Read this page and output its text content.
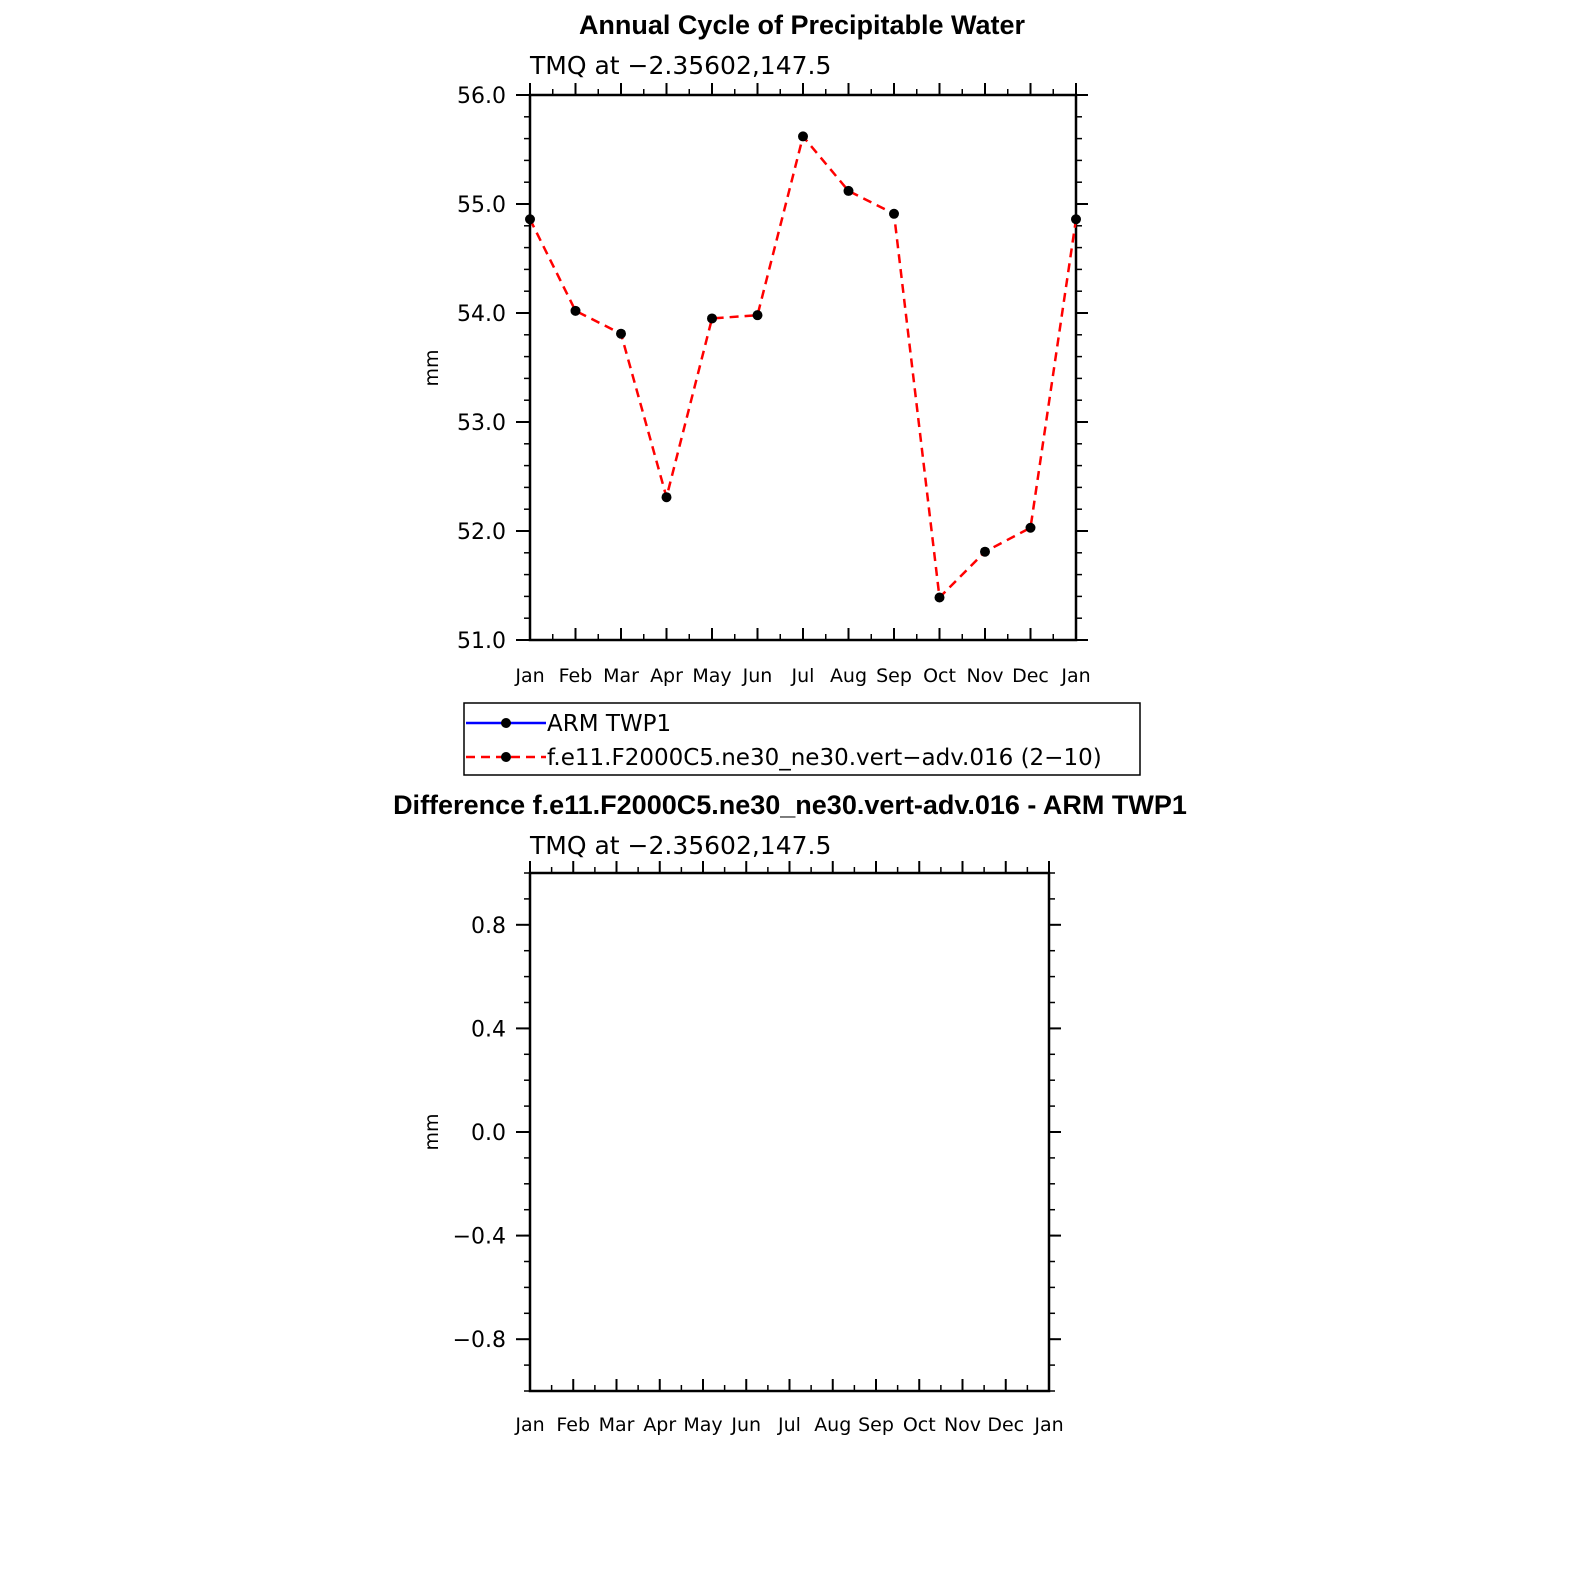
Annual Cycle of Precipitable Water
TMQ at −2.35602,147.5
mm
Jan Feb Mar Apr May Jun Jul Aug Sep Oct Nov Dec Jan
51.0
52.0
53.0
54.0
55.0
56.0
ARM TWP1
f.e11.F2000C5.ne30_ne30.vert−adv.016 (2−10)
Difference f.e11.F2000C5.ne30_ne30.vert-adv.016 - ARM TWP1
TMQ at −2.35602,147.5
mm
Jan Feb Mar Apr May Jun Jul Aug Sep Oct Nov Dec Jan
−0.8
−0.4
0.0
0.4
0.8
